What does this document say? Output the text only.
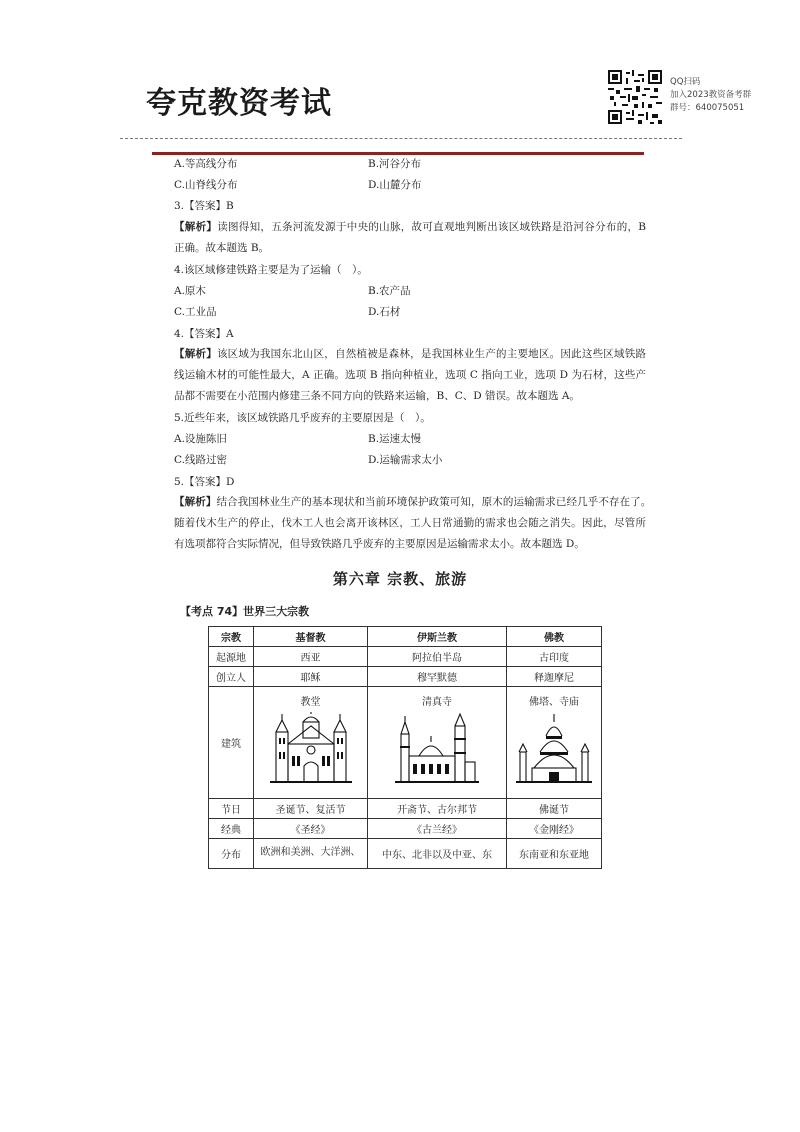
夸克教资考试
QQ扫码
加入2023教资备考群
群号：640075051
A.等高线分布	B.河谷分布
C.山脊线分布	D.山麓分布
3.【答案】B
【解析】读图得知，五条河流发源于中央的山脉，故可直观地判断出该区域铁路是沿河谷分布的，B 正确。故本题选 B。
4.该区域修建铁路主要是为了运输（　）。
A.原木	B.农产品
C.工业品	D.石材
4.【答案】A
【解析】该区域为我国东北山区，自然植被是森林，是我国林业生产的主要地区。因此这些区域铁路线运输木材的可能性最大，A 正确。选项 B 指向种植业，选项 C 指向工业，选项 D 为石材，这些产品都不需要在小范围内修建三条不同方向的铁路来运输，B、C、D 错误。故本题选 A。
5.近些年来，该区域铁路几乎废弃的主要原因是（　）。
A.设施陈旧	B.运速太慢
C.线路过密	D.运输需求太小
5.【答案】D
【解析】结合我国林业生产的基本现状和当前环境保护政策可知，原木的运输需求已经几乎不存在了。　随着伐木生产的停止，伐木工人也会离开该林区，工人日常通勤的需求也会随之消失。因此，尽管所有选项都符合实际情况，但导致铁路几乎废弃的主要原因是运输需求太小。故本题选 D。
第六章 宗教、旅游
【考点 74】世界三大宗教
宗教	基督教	伊斯兰教	佛教
起源地	西亚	阿拉伯半岛	古印度
创立人	耶稣	穆罕默德	释迦摩尼
建筑	教堂	清真寺	佛塔、寺庙

节日	圣诞节、复活节	开斋节、古尔邦节	佛诞节
经典	《圣经》	《古兰经》	《金刚经》
分布	欧洲和美洲、大洋洲、	中东、北非以及中亚、东	东南亚和东亚地
